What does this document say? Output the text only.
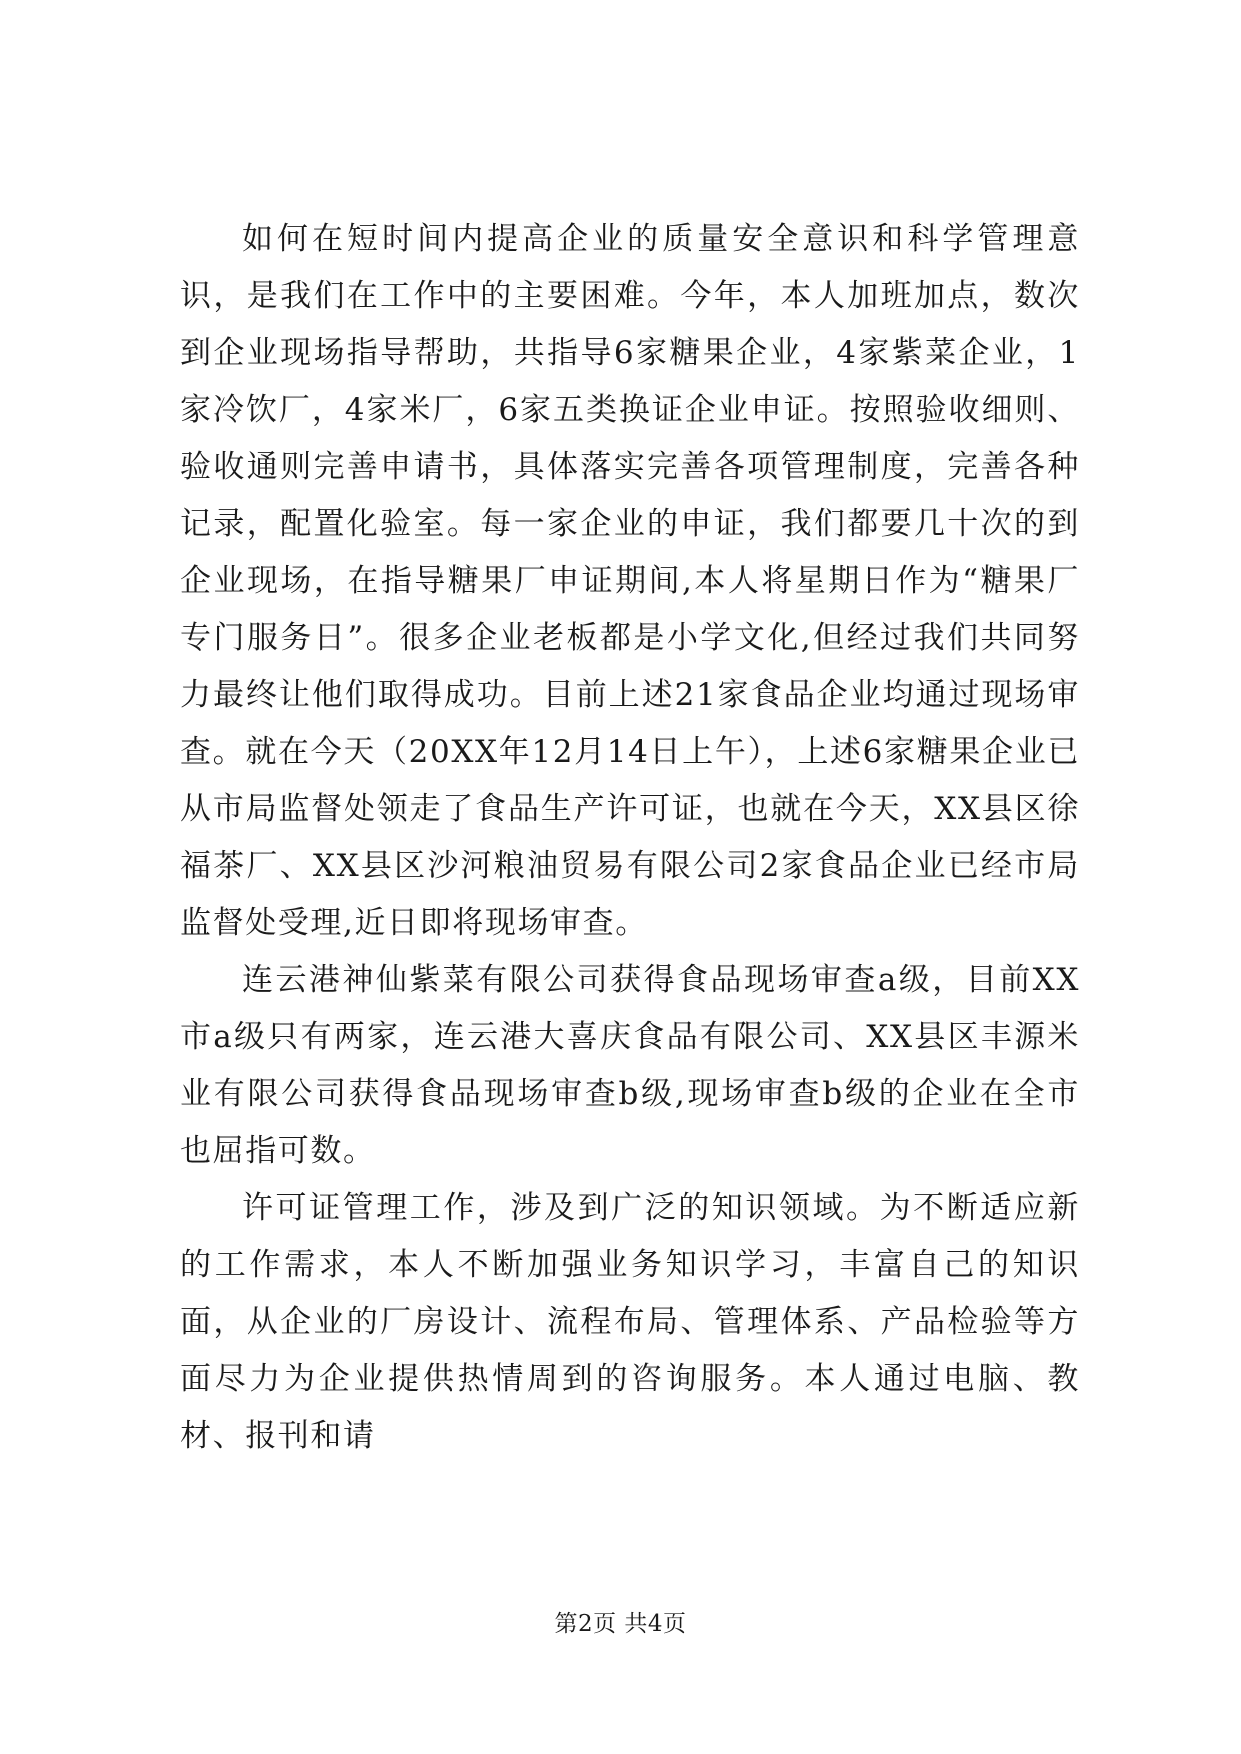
如何在短时间内提高企业的质量安全意识和科学管理意识，是我们在工作中的主要困难。今年，本人加班加点，数次到企业现场指导帮助，共指导6家糖果企业，4家紫菜企业，1家冷饮厂，4家米厂，6家五类换证企业申证。按照验收细则、验收通则完善申请书，具体落实完善各项管理制度，完善各种记录，配置化验室。每一家企业的申证，我们都要几十次的到企业现场，在指导糖果厂申证期间,本人将星期日作为“糖果厂专门服务日”。很多企业老板都是小学文化,但经过我们共同努力最终让他们取得成功。目前上述21家食品企业均通过现场审查。就在今天（20XX年12月14日上午），上述6家糖果企业已从市局监督处领走了食品生产许可证，也就在今天，XX县区徐福茶厂、XX县区沙河粮油贸易有限公司2家食品企业已经市局监督处受理,近日即将现场审查。

连云港神仙紫菜有限公司获得食品现场审查a级，目前XX市a级只有两家，连云港大喜庆食品有限公司、XX县区丰源米业有限公司获得食品现场审查b级,现场审查b级的企业在全市也屈指可数。

许可证管理工作，涉及到广泛的知识领域。为不断适应新的工作需求，本人不断加强业务知识学习，丰富自己的知识面，从企业的厂房设计、流程布局、管理体系、产品检验等方面尽力为企业提供热情周到的咨询服务。本人通过电脑、教材、报刊和请

第2页 共4页
